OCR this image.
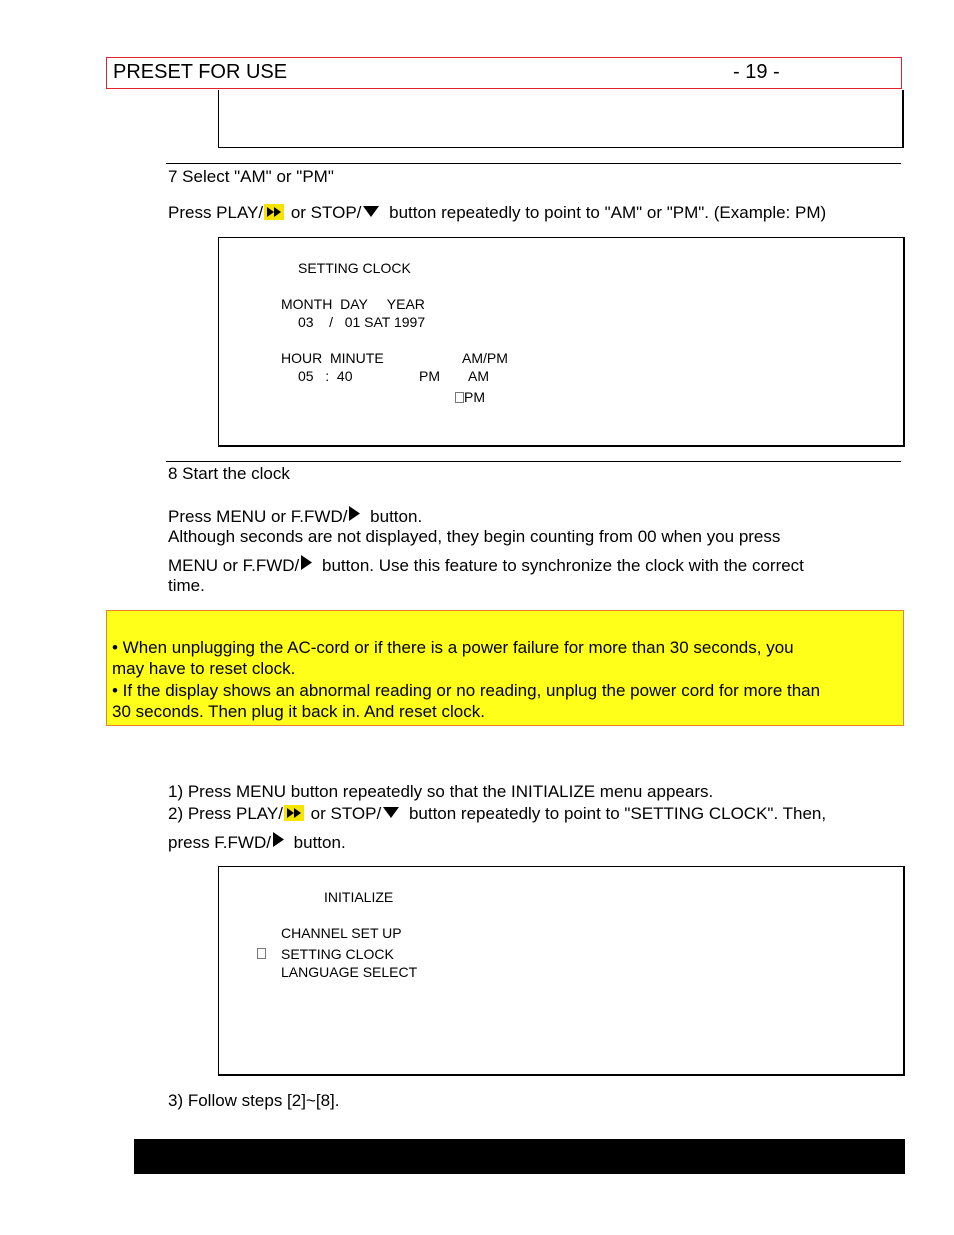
PRESET FOR USE	- 19 -
7 Select "AM" or "PM"
Press PLAY/
or STOP/ button repeatedly to point to "AM" or "PM". (Example: PM)
SETTING CLOCK
MONTH  DAY     YEAR
03    /   01 SAT 1997
HOUR  MINUTE	AM/PM
05   :  40	PM AM
PM
8 Start the clock
Press MENU or F.FWD/ button.
Although seconds are not displayed, they begin counting from 00 when you press
MENU or F.FWD/ button. Use this feature to synchronize the clock with the correct
time.
• When unplugging the AC-cord or if there is a power failure for more than 30 seconds, you
may have to reset clock.
• If the display shows an abnormal reading or no reading, unplug the power cord for more than
30 seconds. Then plug it back in. And reset clock.
1) Press MENU button repeatedly so that the INITIALIZE menu appears.
2) Press PLAY/
or STOP/ button repeatedly to point to "SETTING CLOCK". Then,
press F.FWD/ button.
INITIALIZE
CHANNEL SET UP
SETTING CLOCK
LANGUAGE SELECT
3) Follow steps [2]~[8].
